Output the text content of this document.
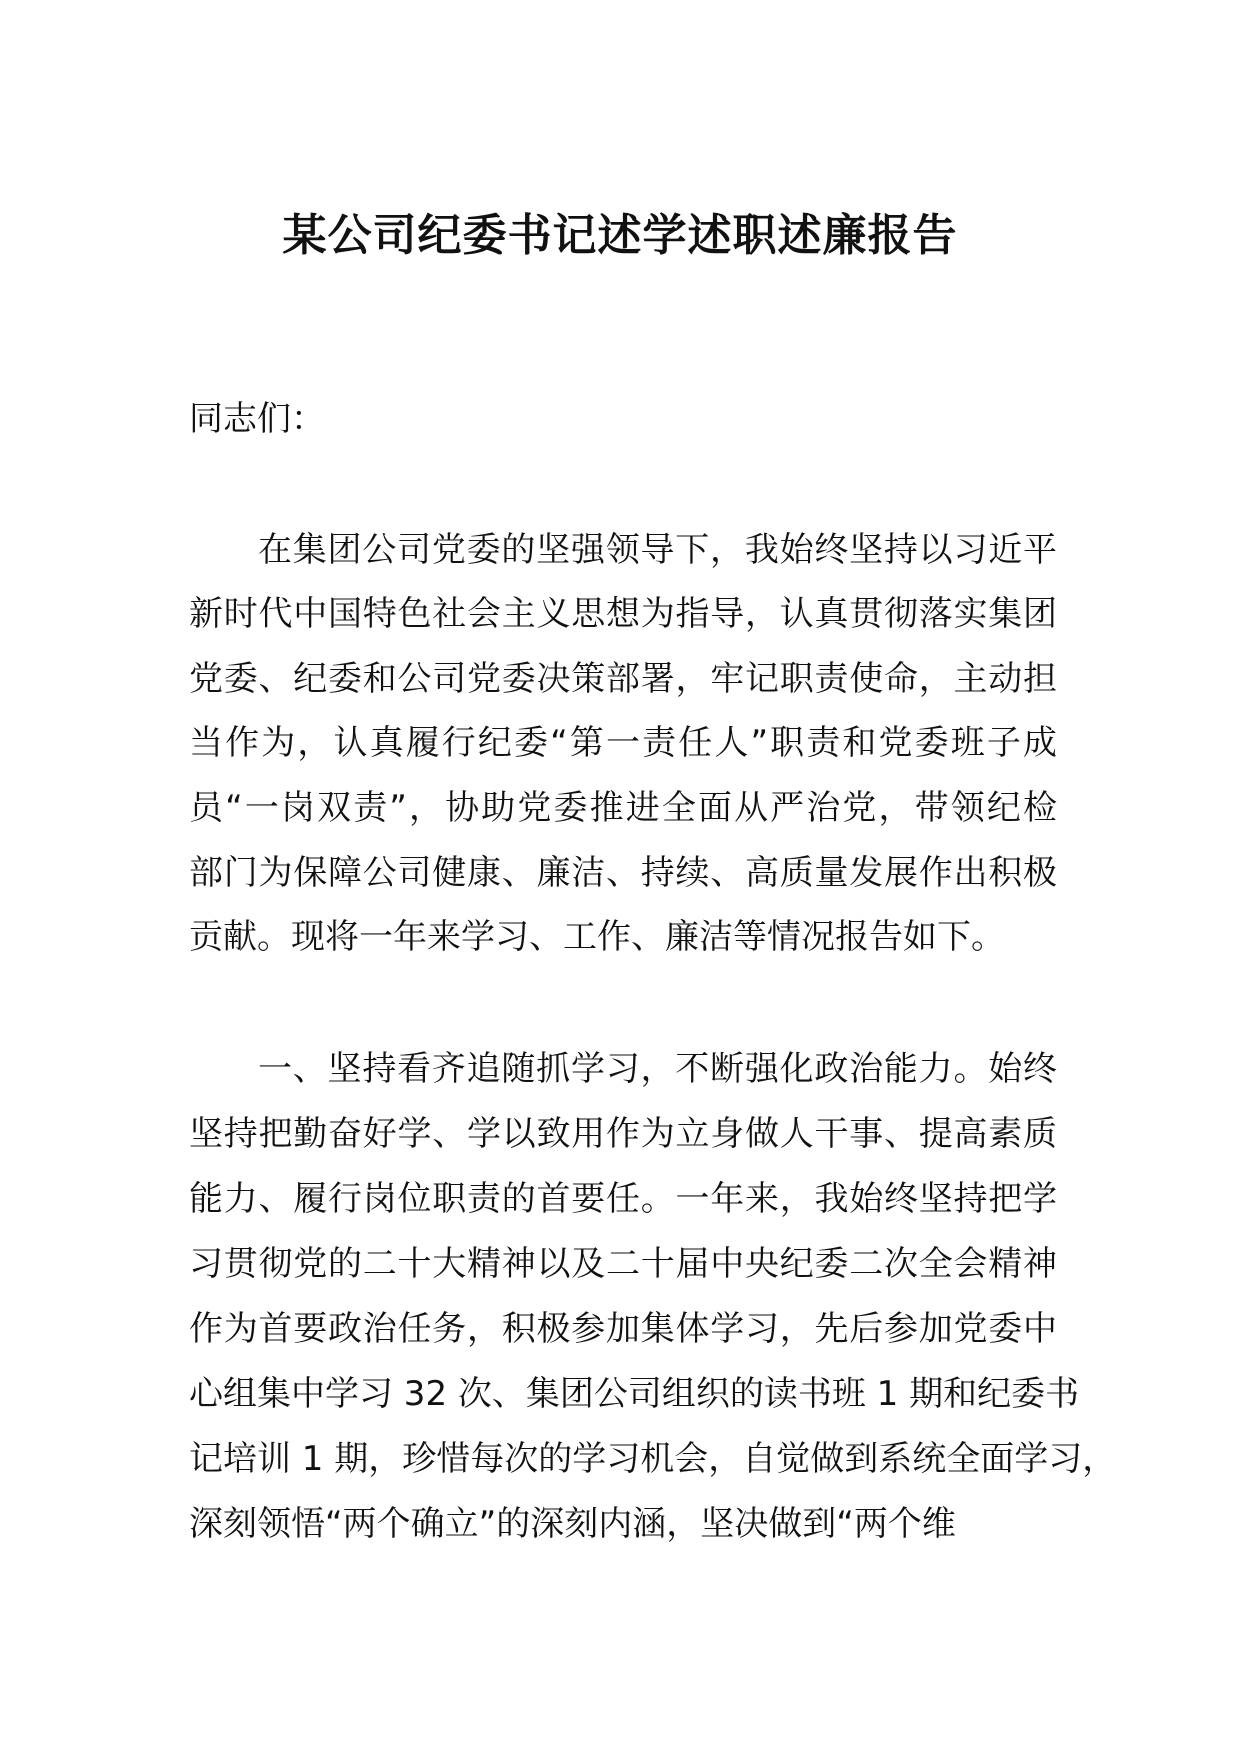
某公司纪委书记述学述职述廉报告
同志们：
在集团公司党委的坚强领导下，我始终坚持以习近平
新时代中国特色社会主义思想为指导，认真贯彻落实集团
党委、纪委和公司党委决策部署，牢记职责使命，主动担
当作为，认真履行纪委“第一责任人”职责和党委班子成
员“一岗双责”，协助党委推进全面从严治党，带领纪检
部门为保障公司健康、廉洁、持续、高质量发展作出积极
贡献。现将一年来学习、工作、廉洁等情况报告如下。
一、坚持看齐追随抓学习，不断强化政治能力。始终
坚持把勤奋好学、学以致用作为立身做人干事、提高素质
能力、履行岗位职责的首要任。一年来，我始终坚持把学
习贯彻党的二十大精神以及二十届中央纪委二次全会精神
作为首要政治任务，积极参加集体学习，先后参加党委中
心组集中学习 32 次、集团公司组织的读书班 1 期和纪委书
记培训 1 期，珍惜每次的学习机会，自觉做到系统全面学习，
深刻领悟“两个确立”的深刻内涵，坚决做到“两个维
